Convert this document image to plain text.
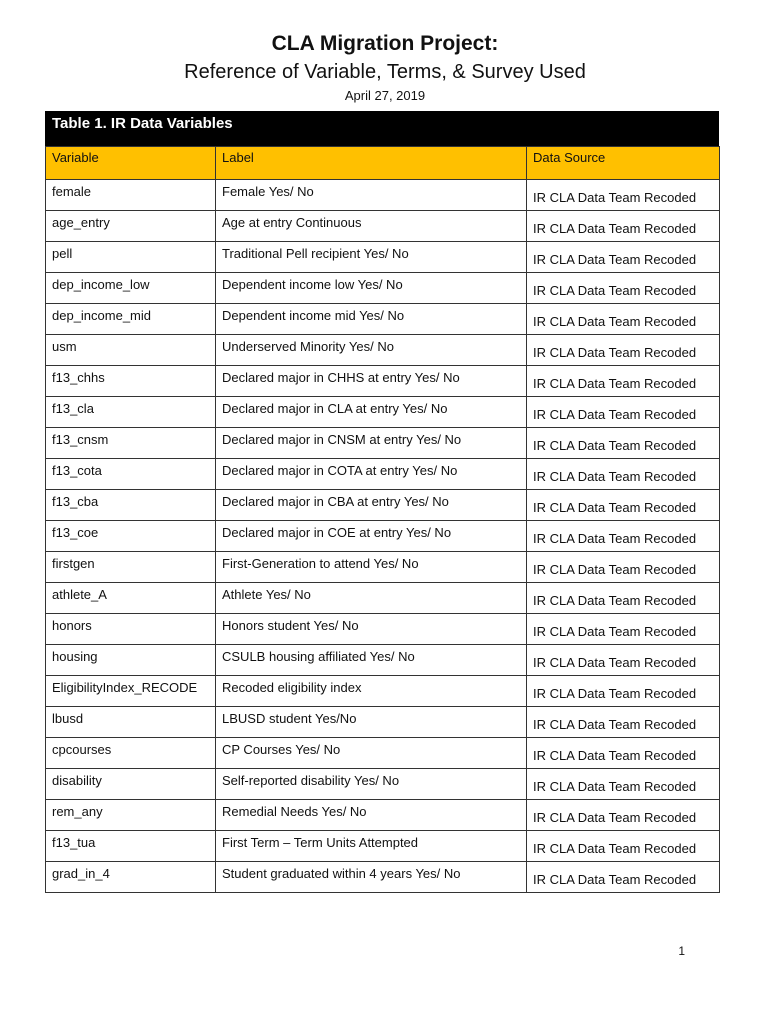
CLA Migration Project:
Reference of Variable, Terms, & Survey Used
April 27, 2019
Table 1. IR Data Variables
Variable	Label	Data Source
female	Female Yes/ No	IR CLA Data Team Recoded
age_entry	Age at entry Continuous	IR CLA Data Team Recoded
pell	Traditional Pell recipient Yes/ No	IR CLA Data Team Recoded
dep_income_low	Dependent income low Yes/ No	IR CLA Data Team Recoded
dep_income_mid	Dependent income mid Yes/ No	IR CLA Data Team Recoded
usm	Underserved Minority Yes/ No	IR CLA Data Team Recoded
f13_chhs	Declared major in CHHS at entry Yes/ No	IR CLA Data Team Recoded
f13_cla	Declared major in CLA at entry Yes/ No	IR CLA Data Team Recoded
f13_cnsm	Declared major in CNSM at entry Yes/ No	IR CLA Data Team Recoded
f13_cota	Declared major in COTA at entry Yes/ No	IR CLA Data Team Recoded
f13_cba	Declared major in CBA at entry Yes/ No	IR CLA Data Team Recoded
f13_coe	Declared major in COE at entry Yes/ No	IR CLA Data Team Recoded
firstgen	First-Generation to attend Yes/ No	IR CLA Data Team Recoded
athlete_A	Athlete Yes/ No	IR CLA Data Team Recoded
honors	Honors student Yes/ No	IR CLA Data Team Recoded
housing	CSULB housing affiliated Yes/ No	IR CLA Data Team Recoded
EligibilityIndex_RECODE	Recoded eligibility index	IR CLA Data Team Recoded
lbusd	LBUSD student Yes/No	IR CLA Data Team Recoded
cpcourses	CP Courses Yes/ No	IR CLA Data Team Recoded
disability	Self-reported disability Yes/ No	IR CLA Data Team Recoded
rem_any	Remedial Needs Yes/ No	IR CLA Data Team Recoded
f13_tua	First Term – Term Units Attempted	IR CLA Data Team Recoded
grad_in_4	Student graduated within 4 years Yes/ No	IR CLA Data Team Recoded
1
